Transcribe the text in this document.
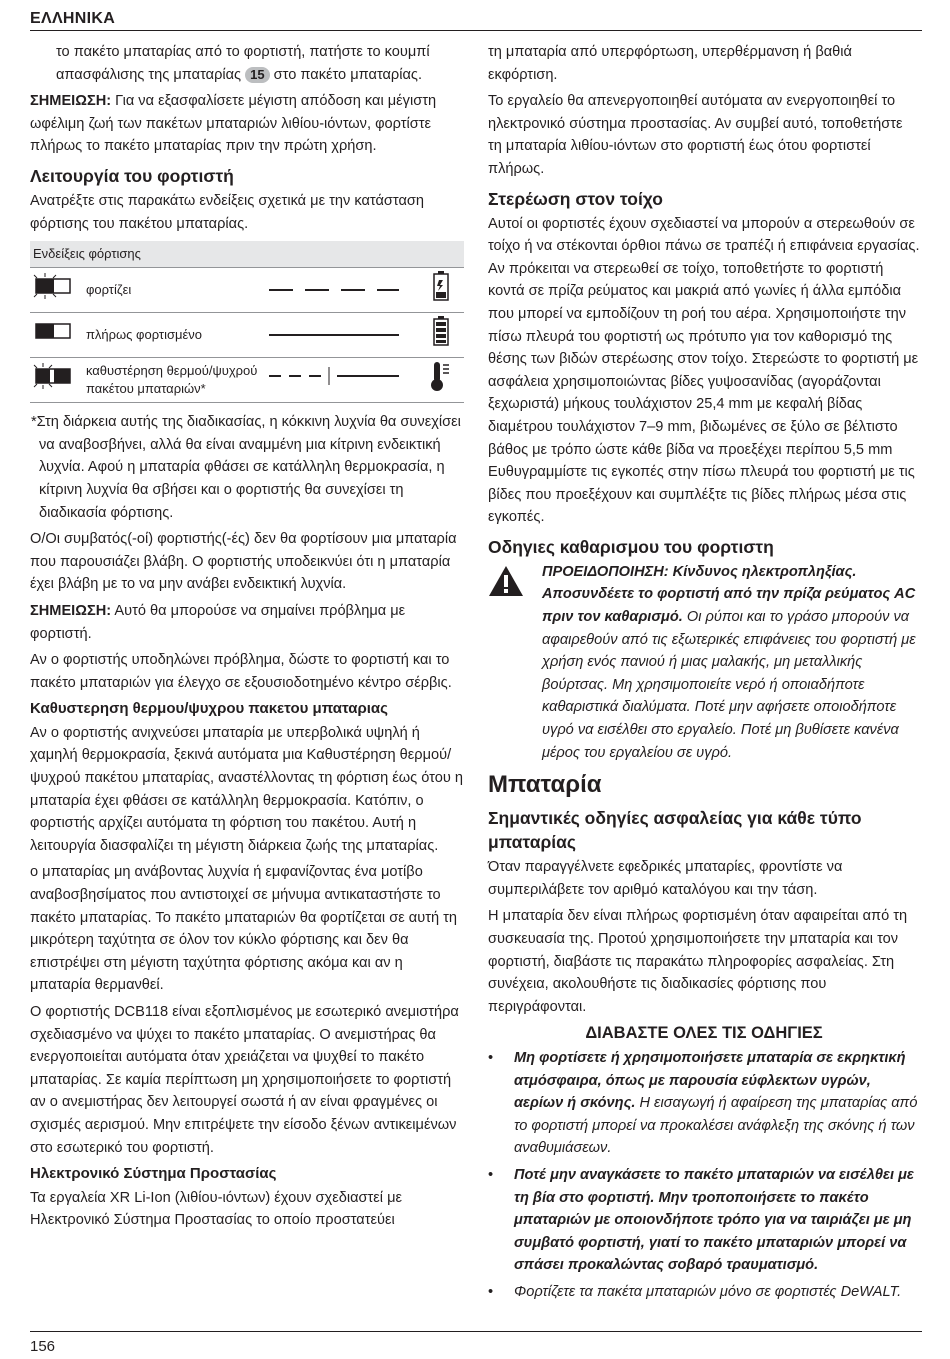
ΕΛΛΗΝΙΚΑ

το πακέτο μπαταρίας από το φορτιστή, πατήστε το κουμπί απασφάλισης της μπαταρίας 15 στο πακέτο μπαταρίας.

ΣΗΜΕΙΩΣΗ: Για να εξασφαλίσετε μέγιστη απόδοση και μέγιστη ωφέλιμη ζωή των πακέτων μπαταριών λιθίου-ιόντων, φορτίστε πλήρως το πακέτο μπαταρίας πριν την πρώτη χρήση.

Λειτουργία του φορτιστή

Ανατρέξτε στις παρακάτω ενδείξεις σχετικά με την κατάσταση φόρτισης του πακέτου μπαταρίας.

Ενδείξεις φόρτισης			
	φορτίζει		
	πλήρως φορτισμένο		
	καθυστέρηση θερμού/ψυχρού πακέτου μπαταριών*		

*Στη διάρκεια αυτής της διαδικασίας, η κόκκινη λυχνία θα συνεχίσει να αναβοσβήνει, αλλά θα είναι αναμμένη μια κίτρινη ενδεικτική λυχνία. Αφού η μπαταρία φθάσει σε κατάλληλη θερμοκρασία, η κίτρινη λυχνία θα σβήσει και ο φορτιστής θα συνεχίσει τη διαδικασία φόρτισης.

Ο/Οι συμβατός(-οί) φορτιστής(-ές) δεν θα φορτίσουν μια μπαταρία που παρουσιάζει βλάβη. Ο φορτιστής υποδεικνύει ότι η μπαταρία έχει βλάβη με το να μην ανάβει ενδεικτική λυχνία.

ΣΗΜΕΙΩΣΗ: Αυτό θα μπορούσε να σημαίνει πρόβλημα με φορτιστή.

Αν ο φορτιστής υποδηλώνει πρόβλημα, δώστε το φορτιστή και το πακέτο μπαταριών για έλεγχο σε εξουσιοδοτημένο κέντρο σέρβις.

Καθυστερηση θερμου/ψυχρου πακετου μπαταριας

Αν ο φορτιστής ανιχνεύσει μπαταρία με υπερβολικά υψηλή ή χαμηλή θερμοκρασία, ξεκινά αυτόματα μια Καθυστέρηση θερμού/ψυχρού πακέτου μπαταρίας, αναστέλλοντας τη φόρτιση έως ότου η μπαταρία έχει φθάσει σε κατάλληλη θερμοκρασία. Κατόπιν, ο φορτιστής αρχίζει αυτόματα τη φόρτιση του πακέτου. Αυτή η λειτουργία διασφαλίζει τη μέγιστη διάρκεια ζωής της μπαταρίας.

ο μπαταρίας μη ανάβοντας λυχνία ή εμφανίζοντας ένα μοτίβο αναβοσβησίματος που αντιστοιχεί σε μήνυμα αντικαταστήστε το πακέτο μπαταρίας. Το πακέτο μπαταριών θα φορτίζεται σε αυτή τη μικρότερη ταχύτητα σε όλον τον κύκλο φόρτισης και δεν θα επιστρέψει στη μέγιστη ταχύτητα φόρτισης ακόμα και αν η μπαταρία θερμανθεί.

Ο φορτιστής DCB118 είναι εξοπλισμένος με εσωτερικό ανεμιστήρα σχεδιασμένο να ψύχει το πακέτο μπαταρίας. Ο ανεμιστήρας θα ενεργοποιείται αυτόματα όταν χρειάζεται να ψυχθεί το πακέτο μπαταρίας. Σε καμία περίπτωση μη χρησιμοποιήσετε το φορτιστή αν ο ανεμιστήρας δεν λειτουργεί σωστά ή αν είναι φραγμένες οι σχισμές αερισμού. Μην επιτρέψετε την είσοδο ξένων αντικειμένων στο εσωτερικό του φορτιστή.

Ηλεκτρονικό Σύστημα Προστασίας

Τα εργαλεία XR Li-Ion (λιθίου-ιόντων) έχουν σχεδιαστεί με Ηλεκτρονικό Σύστημα Προστασίας το οποίο προστατεύει

τη μπαταρία από υπερφόρτωση, υπερθέρμανση ή βαθιά εκφόρτιση.

Το εργαλείο θα απενεργοποιηθεί αυτόματα αν ενεργοποιηθεί το ηλεκτρονικό σύστημα προστασίας. Αν συμβεί αυτό, τοποθετήστε τη μπαταρία λιθίου-ιόντων στο φορτιστή έως ότου φορτιστεί πλήρως.

Στερέωση στον τοίχο

Αυτοί οι φορτιστές έχουν σχεδιαστεί να μπορούν α στερεωθούν σε τοίχο ή να στέκονται όρθιοι πάνω σε τραπέζι ή επιφάνεια εργασίας. Αν πρόκειται να στερεωθεί σε τοίχο, τοποθετήστε το φορτιστή κοντά σε πρίζα ρεύματος και μακριά από γωνίες ή άλλα εμπόδια που μπορεί να εμποδίζουν τη ροή του αέρα. Χρησιμοποιήστε την πίσω πλευρά του φορτιστή ως πρότυπο για τον καθορισμό της θέσης των βιδών στερέωσης στον τοίχο. Στερεώστε το φορτιστή με ασφάλεια χρησιμοποιώντας βίδες γυψοσανίδας (αγοράζονται ξεχωριστά) μήκους τουλάχιστον 25,4 mm με κεφαλή βίδας διαμέτρου τουλάχιστον 7–9 mm, βιδωμένες σε ξύλο σε βέλτιστο βάθος με τρόπο ώστε κάθε βίδα να προεξέχει περίπου 5,5 mm Ευθυγραμμίστε τις εγκοπές στην πίσω πλευρά του φορτιστή με τις βίδες που προεξέχουν και συμπλέξτε τις βίδες πλήρως μέσα στις εγκοπές.

Οδηγιες καθαρισμου του φορτιστη
ΠΡΟΕΙΔΟΠΟΙΗΣΗ: Κίνδυνος ηλεκτροπληξίας. Αποσυνδέετε το φορτιστή από την πρίζα ρεύματος AC πριν τον καθαρισμό. Οι ρύποι και το γράσο μπορούν να αφαιρεθούν από τις εξωτερικές επιφάνειες του φορτιστή με χρήση ενός πανιού ή μιας μαλακής, μη μεταλλικής βούρτσας. Μη χρησιμοποιείτε νερό ή οποιαδήποτε καθαριστικά διαλύματα. Ποτέ μην αφήσετε οποιοδήποτε υγρό να εισέλθει στο εργαλείο. Ποτέ μη βυθίσετε κανένα μέρος του εργαλείου σε υγρό.
Μπαταρία
Σημαντικές οδηγίες ασφαλείας για κάθε τύπο μπαταρίας

Όταν παραγγέλνετε εφεδρικές μπαταρίες, φροντίστε να συμπεριλάβετε τον αριθμό καταλόγου και την τάση.

Η μπαταρία δεν είναι πλήρως φορτισμένη όταν αφαιρείται από τη συσκευασία της. Προτού χρησιμοποιήσετε την μπαταρία και τον φορτιστή, διαβάστε τις παρακάτω πληροφορίες ασφαλείας. Στη συνέχεια, ακολουθήστε τις διαδικασίες φόρτισης που περιγράφονται.

ΔΙΑΒΑΣΤΕ ΟΛΕΣ ΤΙΣ ΟΔΗΓΙΕΣ
• Μη φορτίσετε ή χρησιμοποιήσετε μπαταρία σε εκρηκτική ατμόσφαιρα, όπως με παρουσία εύφλεκτων υγρών, αερίων ή σκόνης. Η εισαγωγή ή αφαίρεση της μπαταρίας από το φορτιστή μπορεί να προκαλέσει ανάφλεξη της σκόνης ή των αναθυμιάσεων.
• Ποτέ μην αναγκάσετε το πακέτο μπαταριών να εισέλθει με τη βία στο φορτιστή. Μην τροποποιήσετε το πακέτο μπαταριών με οποιονδήποτε τρόπο για να ταιριάζει με μη συμβατό φορτιστή, γιατί το πακέτο μπαταριών μπορεί να σπάσει προκαλώντας σοβαρό τραυματισμό.
• Φορτίζετε τα πακέτα μπαταριών μόνο σε φορτιστές DeWALT.
156
